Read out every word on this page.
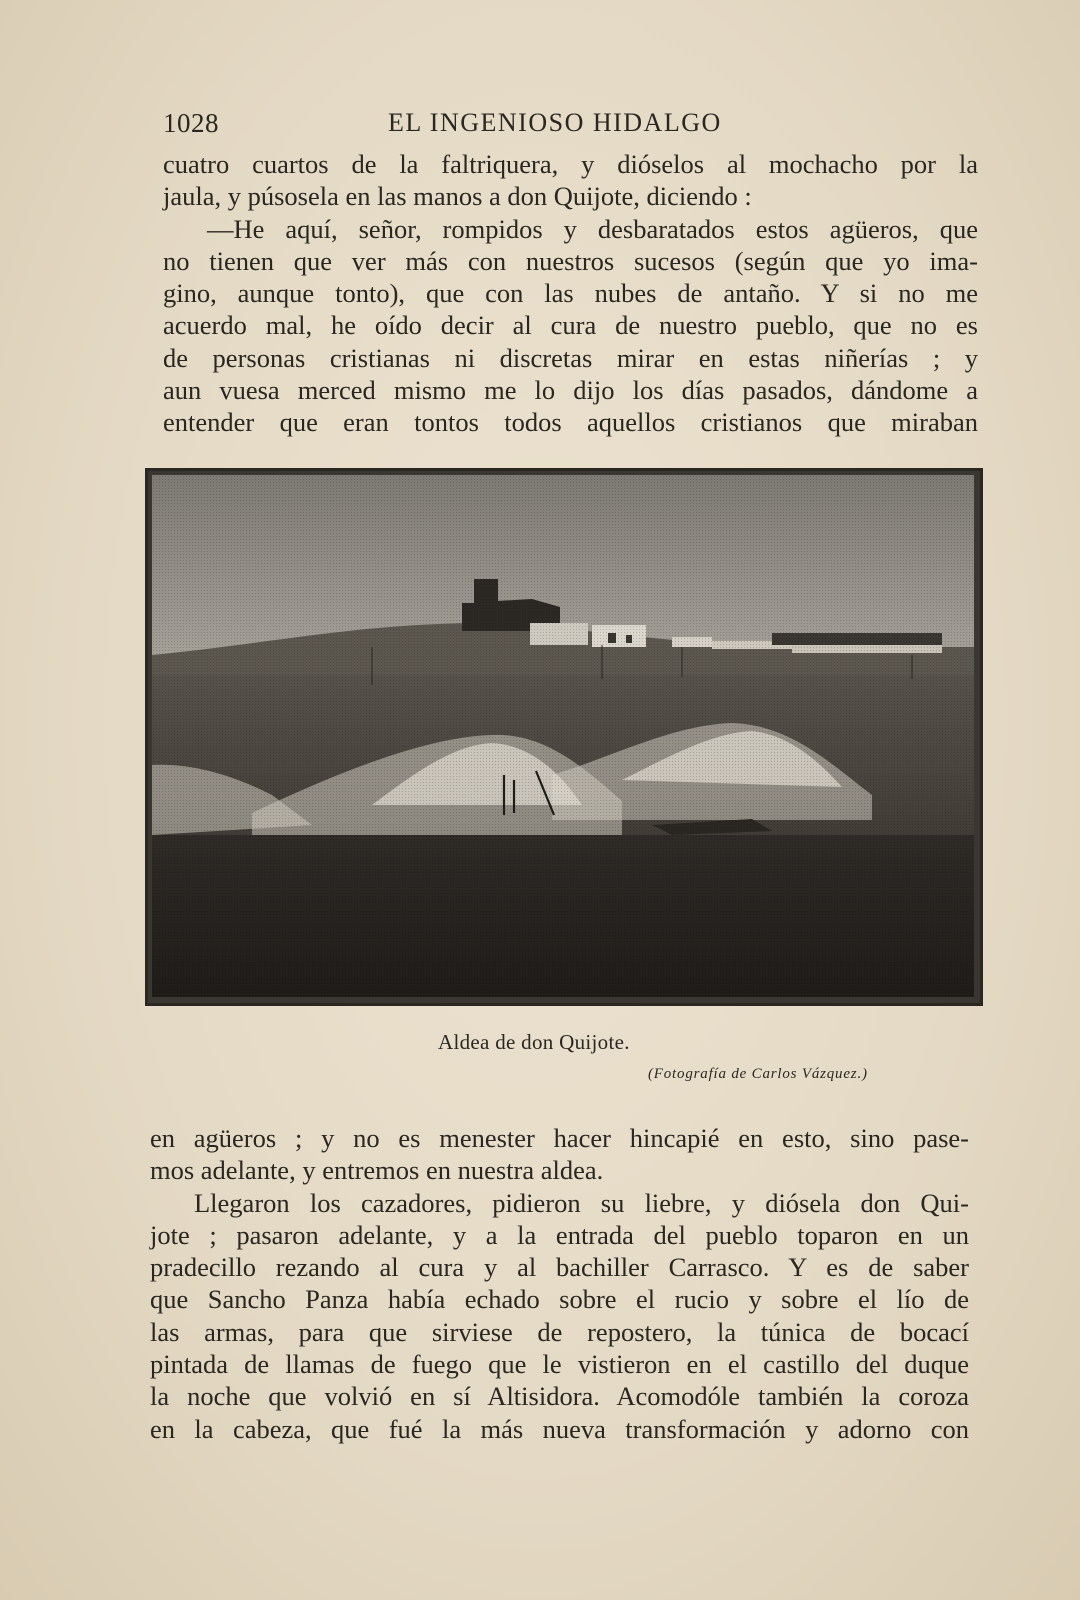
1028	EL INGENIOSO HIDALGO

cuatro cuartos de la faltriquera, y dióselos al mochacho por la
jaula, y púsosela en las manos a don Quijote, diciendo :
—He aquí, señor, rompidos y desbaratados estos agüeros, que
no tienen que ver más con nuestros sucesos (según que yo ima-
gino, aunque tonto), que con las nubes de antaño. Y si no me
acuerdo mal, he oído decir al cura de nuestro pueblo, que no es
de personas cristianas ni discretas mirar en estas niñerías ; y
aun vuesa merced mismo me lo dijo los días pasados, dándome a
entender que eran tontos todos aquellos cristianos que miraban

Aldea de don Quijote.
(Fotografía de Carlos Vázquez.)

en agüeros ; y no es menester hacer hincapié en esto, sino pase-
mos adelante, y entremos en nuestra aldea.
Llegaron los cazadores, pidieron su liebre, y diósela don Qui-
jote ; pasaron adelante, y a la entrada del pueblo toparon en un
pradecillo rezando al cura y al bachiller Carrasco. Y es de saber
que Sancho Panza había echado sobre el rucio y sobre el lío de
las armas, para que sirviese de repostero, la túnica de bocací
pintada de llamas de fuego que le vistieron en el castillo del duque
la noche que volvió en sí Altisidora. Acomodóle también la coroza
en la cabeza, que fué la más nueva transformación y adorno con
